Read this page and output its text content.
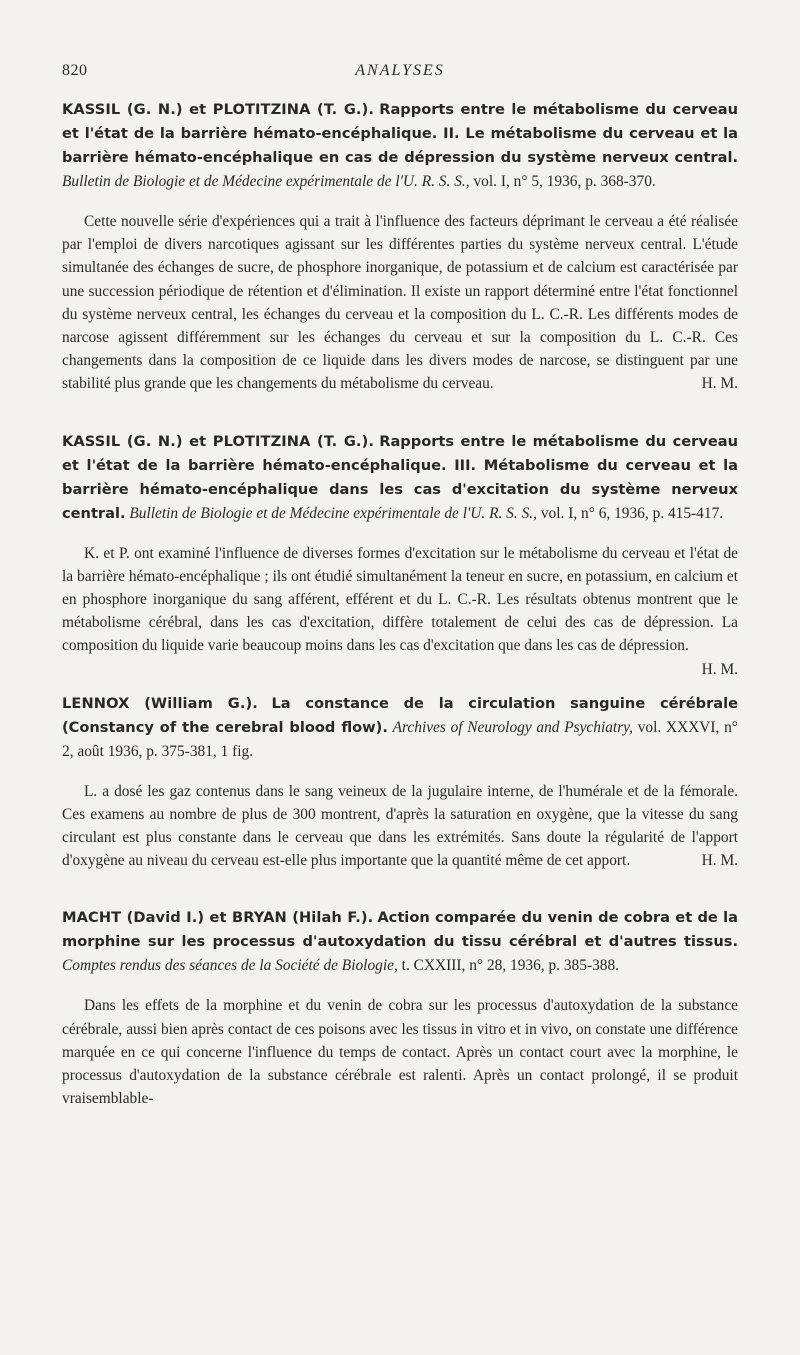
820	ANALYSES

KASSIL (G. N.) et PLOTITZINA (T. G.). Rapports entre le métabolisme du cerveau et l'état de la barrière hémato-encéphalique. II. Le métabolisme du cerveau et la barrière hémato-encéphalique en cas de dépression du système nerveux central. Bulletin de Biologie et de Médecine expérimentale de l'U. R. S. S., vol. I, n° 5, 1936, p. 368-370.

Cette nouvelle série d'expériences qui a trait à l'influence des facteurs déprimant le cerveau a été réalisée par l'emploi de divers narcotiques agissant sur les différentes parties du système nerveux central. L'étude simultanée des échanges de sucre, de phosphore inorganique, de potassium et de calcium est caractérisée par une succession périodique de rétention et d'élimination. Il existe un rapport déterminé entre l'état fonctionnel du système nerveux central, les échanges du cerveau et la composition du L. C.-R. Les différents modes de narcose agissent différemment sur les échanges du cerveau et sur la composition du L. C.-R. Ces changements dans la composition de ce liquide dans les divers modes de narcose, se distinguent par une stabilité plus grande que les changements du métabolisme du cerveau.	H. M.

KASSIL (G. N.) et PLOTITZINA (T. G.). Rapports entre le métabolisme du cerveau et l'état de la barrière hémato-encéphalique. III. Métabolisme du cerveau et la barrière hémato-encéphalique dans les cas d'excitation du système nerveux central. Bulletin de Biologie et de Médecine expérimentale de l'U. R. S. S., vol. I, n° 6, 1936, p. 415-417.

K. et P. ont examiné l'influence de diverses formes d'excitation sur le métabolisme du cerveau et l'état de la barrière hémato-encéphalique ; ils ont étudié simultanément la teneur en sucre, en potassium, en calcium et en phosphore inorganique du sang afférent, efférent et du L. C.-R. Les résultats obtenus montrent que le métabolisme cérébral, dans les cas d'excitation, diffère totalement de celui des cas de dépression. La composition du liquide varie beaucoup moins dans les cas d'excitation que dans les cas de dépression.
H. M.

LENNOX (William G.). La constance de la circulation sanguine cérébrale (Constancy of the cerebral blood flow). Archives of Neurology and Psychiatry, vol. XXXVI, n° 2, août 1936, p. 375-381, 1 fig.

L. a dosé les gaz contenus dans le sang veineux de la jugulaire interne, de l'humérale et de la fémorale. Ces examens au nombre de plus de 300 montrent, d'après la saturation en oxygène, que la vitesse du sang circulant est plus constante dans le cerveau que dans les extrémités. Sans doute la régularité de l'apport d'oxygène au niveau du cerveau est-elle plus importante que la quantité même de cet apport.	H. M.

MACHT (David I.) et BRYAN (Hilah F.). Action comparée du venin de cobra et de la morphine sur les processus d'autoxydation du tissu cérébral et d'autres tissus. Comptes rendus des séances de la Société de Biologie, t. CXXIII, n° 28, 1936, p. 385-388.

Dans les effets de la morphine et du venin de cobra sur les processus d'autoxydation de la substance cérébrale, aussi bien après contact de ces poisons avec les tissus in vitro et in vivo, on constate une différence marquée en ce qui concerne l'influence du temps de contact. Après un contact court avec la morphine, le processus d'autoxydation de la substance cérébrale est ralenti. Après un contact prolongé, il se produit vraisemblable-
